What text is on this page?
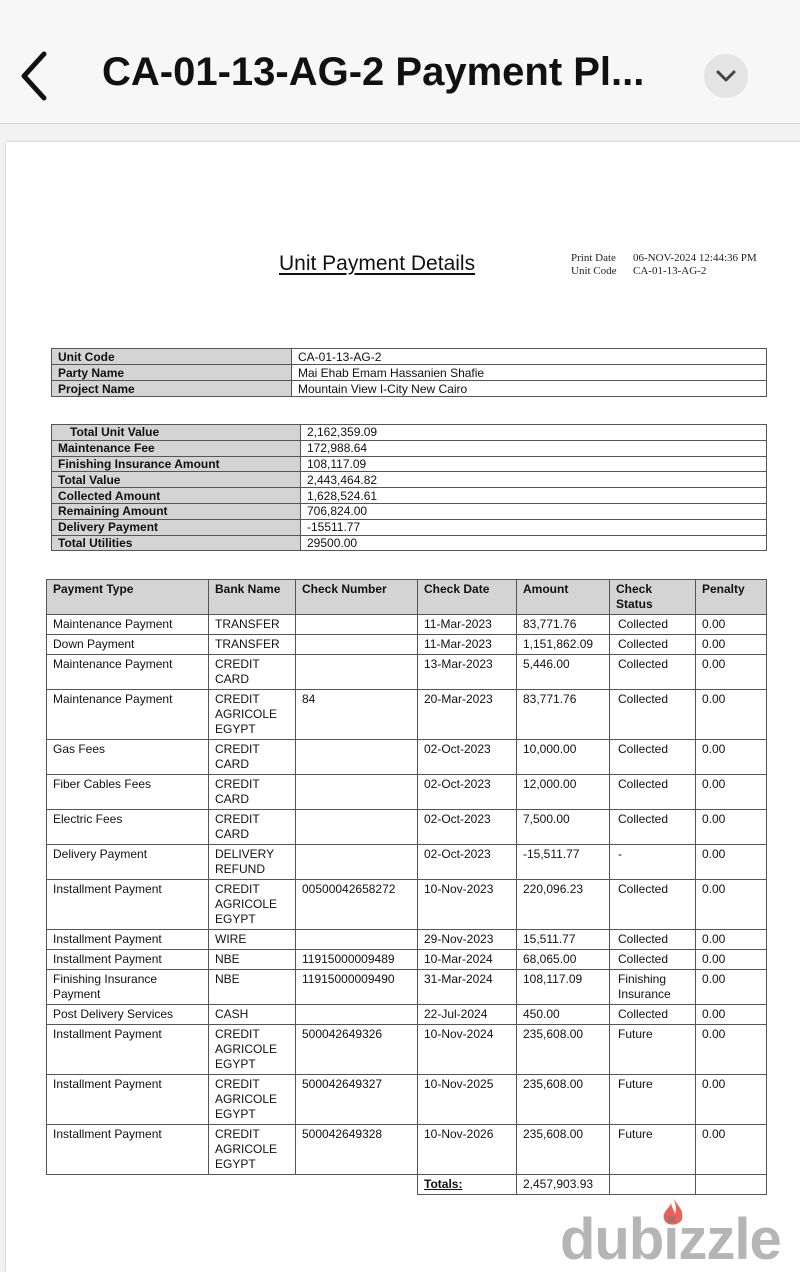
CA-01-13-AG-2 Payment Pl...
Unit Payment Details	Print Date	06-NOV-2024 12:44:36 PM
Unit Code	CA-01-13-AG-2
Unit Code	CA-01-13-AG-2
Party Name	Mai Ehab Emam Hassanien Shafie
Project Name	Mountain View I-City New Cairo
Total Unit Value	2,162,359.09
Maintenance Fee	172,988.64
Finishing Insurance Amount	108,117.09
Total Value	2,443,464.82
Collected Amount	1,628,524.61
Remaining Amount	706,824.00
Delivery Payment	-15511.77
Total Utilities	29500.00
Payment Type	Bank Name	Check Number	Check Date	Amount	Check Status	Penalty
Maintenance Payment	TRANSFER		11-Mar-2023	83,771.76	Collected	0.00
Down Payment	TRANSFER		11-Mar-2023	1,151,862.09	Collected	0.00
Maintenance Payment	CREDIT CARD		13-Mar-2023	5,446.00	Collected	0.00
Maintenance Payment	CREDIT AGRICOLE EGYPT	84	20-Mar-2023	83,771.76	Collected	0.00
Gas Fees	CREDIT CARD		02-Oct-2023	10,000.00	Collected	0.00
Fiber Cables Fees	CREDIT CARD		02-Oct-2023	12,000.00	Collected	0.00
Electric Fees	CREDIT CARD		02-Oct-2023	7,500.00	Collected	0.00
Delivery Payment	DELIVERY REFUND		02-Oct-2023	-15,511.77	-	0.00
Installment Payment	CREDIT AGRICOLE EGYPT	00500042658272	10-Nov-2023	220,096.23	Collected	0.00
Installment Payment	WIRE		29-Nov-2023	15,511.77	Collected	0.00
Installment Payment	NBE	11915000009489	10-Mar-2024	68,065.00	Collected	0.00
Finishing Insurance Payment	NBE	11915000009490	31-Mar-2024	108,117.09	Finishing Insurance	0.00
Post Delivery Services	CASH		22-Jul-2024	450.00	Collected	0.00
Installment Payment	CREDIT AGRICOLE EGYPT	500042649326	10-Nov-2024	235,608.00	Future	0.00
Installment Payment	CREDIT AGRICOLE EGYPT	500042649327	10-Nov-2025	235,608.00	Future	0.00
Installment Payment	CREDIT AGRICOLE EGYPT	500042649328	10-Nov-2026	235,608.00	Future	0.00
			Totals:	2,457,903.93		
dubizzle
